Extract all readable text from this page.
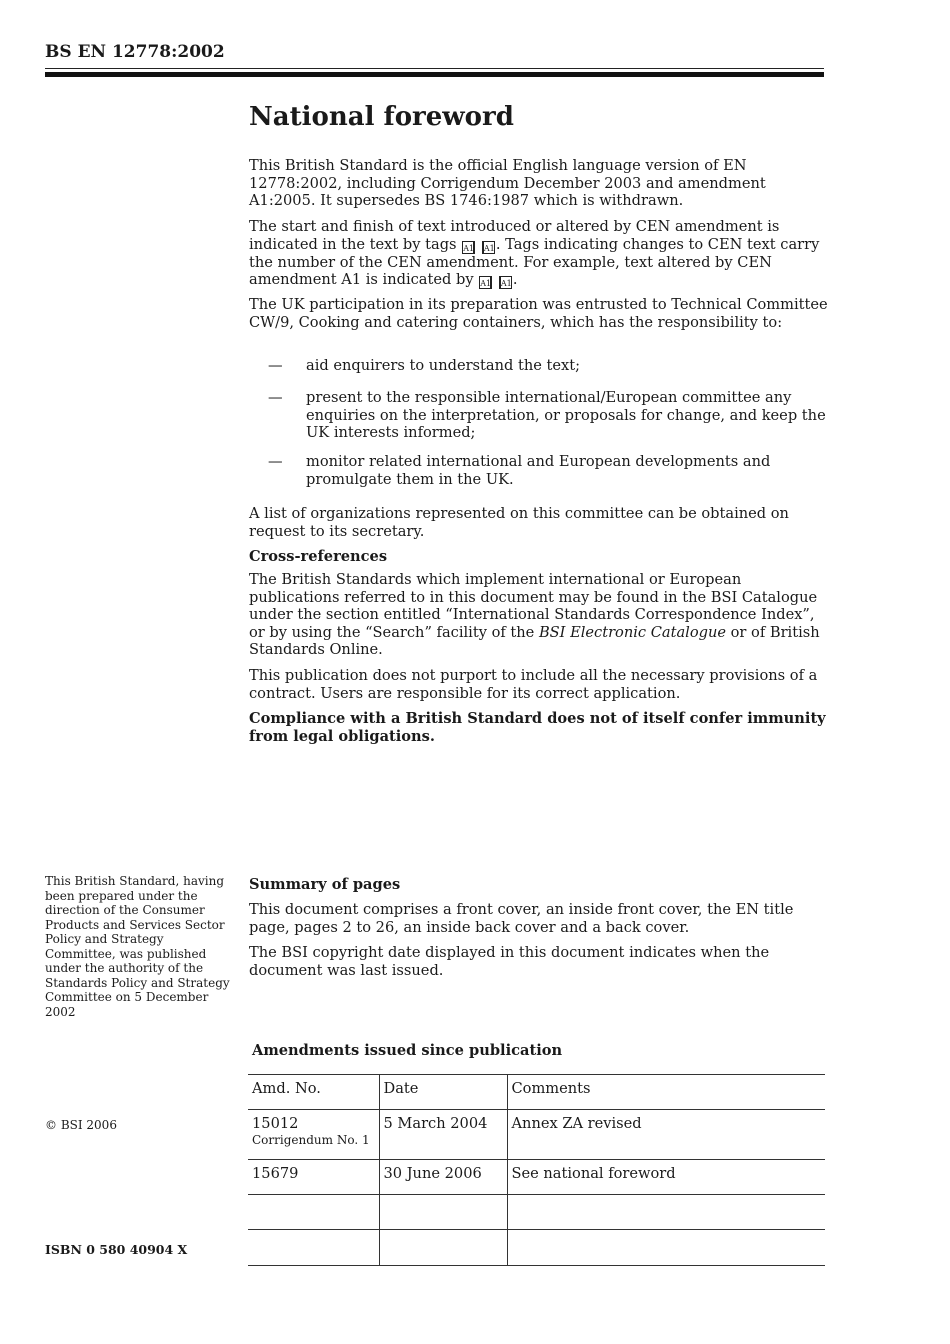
BS EN 12778:2002
National foreword

This British Standard is the official English language version of EN 12778:2002, including Corrigendum December 2003 and amendment A1:2005. It supersedes BS 1746:1987 which is withdrawn.

The start and finish of text introduced or altered by CEN amendment is indicated in the text by tags A1 A1. Tags indicating changes to CEN text carry the number of the CEN amendment. For example, text altered by CEN amendment A1 is indicated by A1 A1.

The UK participation in its preparation was entrusted to Technical Committee CW/9, Cooking and catering containers, which has the responsibility to:

—	aid enquirers to understand the text;
—	present to the responsible international/European committee any enquiries on the interpretation, or proposals for change, and keep the UK interests informed;
—	monitor related international and European developments and promulgate them in the UK.

A list of organizations represented on this committee can be obtained on request to its secretary.

Cross-references

The British Standards which implement international or European publications referred to in this document may be found in the BSI Catalogue under the section entitled “International Standards Correspondence Index”, or by using the “Search” facility of the BSI Electronic Catalogue or of British Standards Online.

This publication does not purport to include all the necessary provisions of a contract. Users are responsible for its correct application.

Compliance with a British Standard does not of itself confer immunity from legal obligations.

This British Standard, having been prepared under the direction of the Consumer Products and Services Sector Policy and Strategy Committee, was published under the authority of the Standards Policy and Strategy Committee on 5 December 2002

Summary of pages

This document comprises a front cover, an inside front cover, the EN title page, pages 2 to 26, an inside back cover and a back cover.

The BSI copyright date displayed in this document indicates when the document was last issued.

Amendments issued since publication

© BSI 2006
Amd. No.	Date	Comments
15012
Corrigendum No. 1	5 March 2004	Annex ZA revised
15679	30 June 2006	See national foreword

ISBN 0 580 40904 X
